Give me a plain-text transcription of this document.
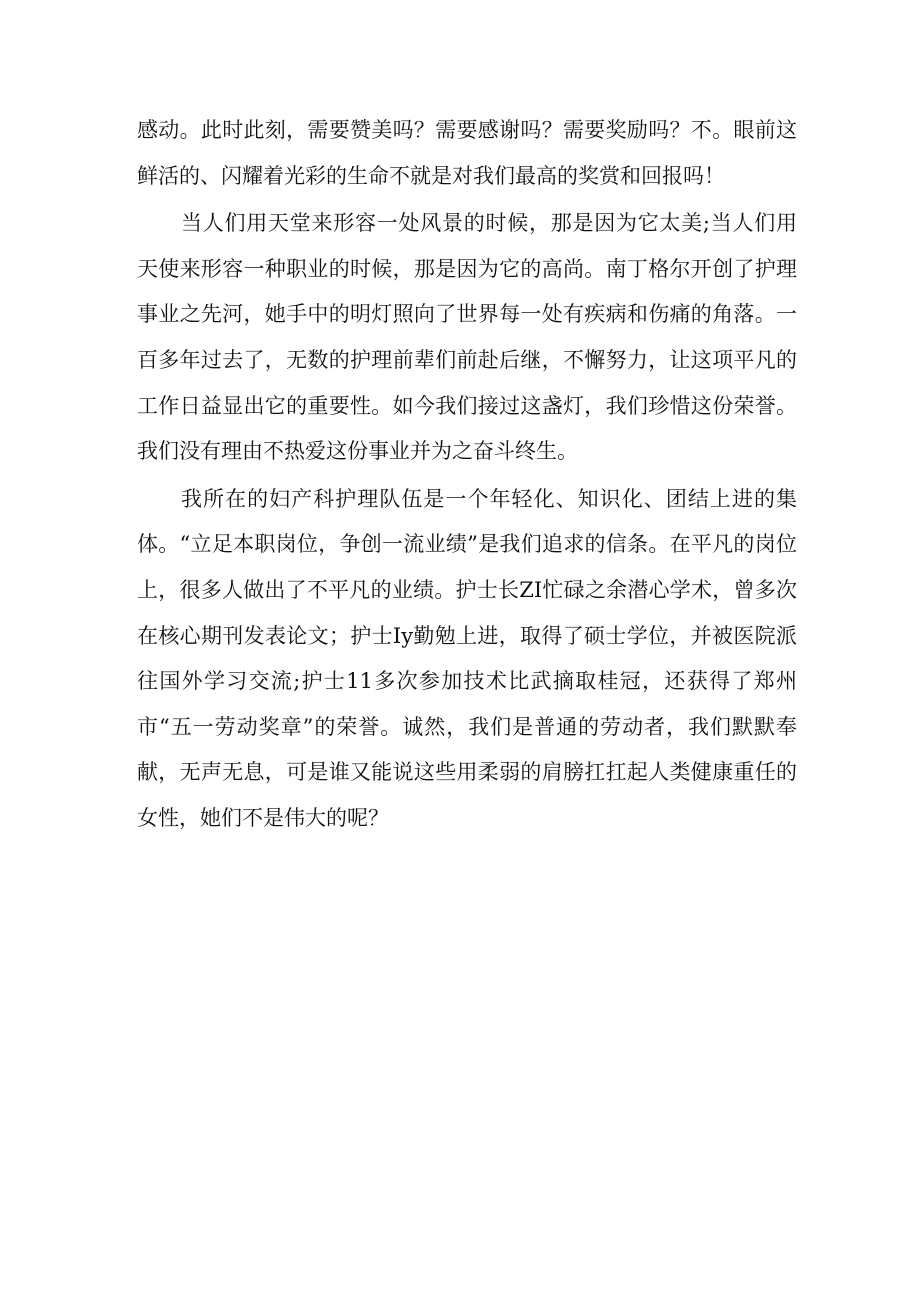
感动。此时此刻，需要赞美吗？需要感谢吗？需要奖励吗？不。眼前这鲜活的、闪耀着光彩的生命不就是对我们最高的奖赏和回报吗！

当人们用天堂来形容一处风景的时候，那是因为它太美;当人们用天使来形容一种职业的时候，那是因为它的高尚。南丁格尔开创了护理事业之先河，她手中的明灯照向了世界每一处有疾病和伤痛的角落。一百多年过去了，无数的护理前辈们前赴后继，不懈努力，让这项平凡的工作日益显出它的重要性。如今我们接过这盏灯，我们珍惜这份荣誉。我们没有理由不热爱这份事业并为之奋斗终生。

我所在的妇产科护理队伍是一个年轻化、知识化、团结上进的集体。“立足本职岗位，争创一流业绩”是我们追求的信条。在平凡的岗位上，很多人做出了不平凡的业绩。护士长ZI忙碌之余潜心学术，曾多次在核心期刊发表论文；护士Iy勤勉上进，取得了硕士学位，并被医院派往国外学习交流;护士11多次参加技术比武摘取桂冠，还获得了郑州市“五一劳动奖章”的荣誉。诚然，我们是普通的劳动者，我们默默奉献，无声无息，可是谁又能说这些用柔弱的肩膀扛扛起人类健康重任的女性，她们不是伟大的呢？
